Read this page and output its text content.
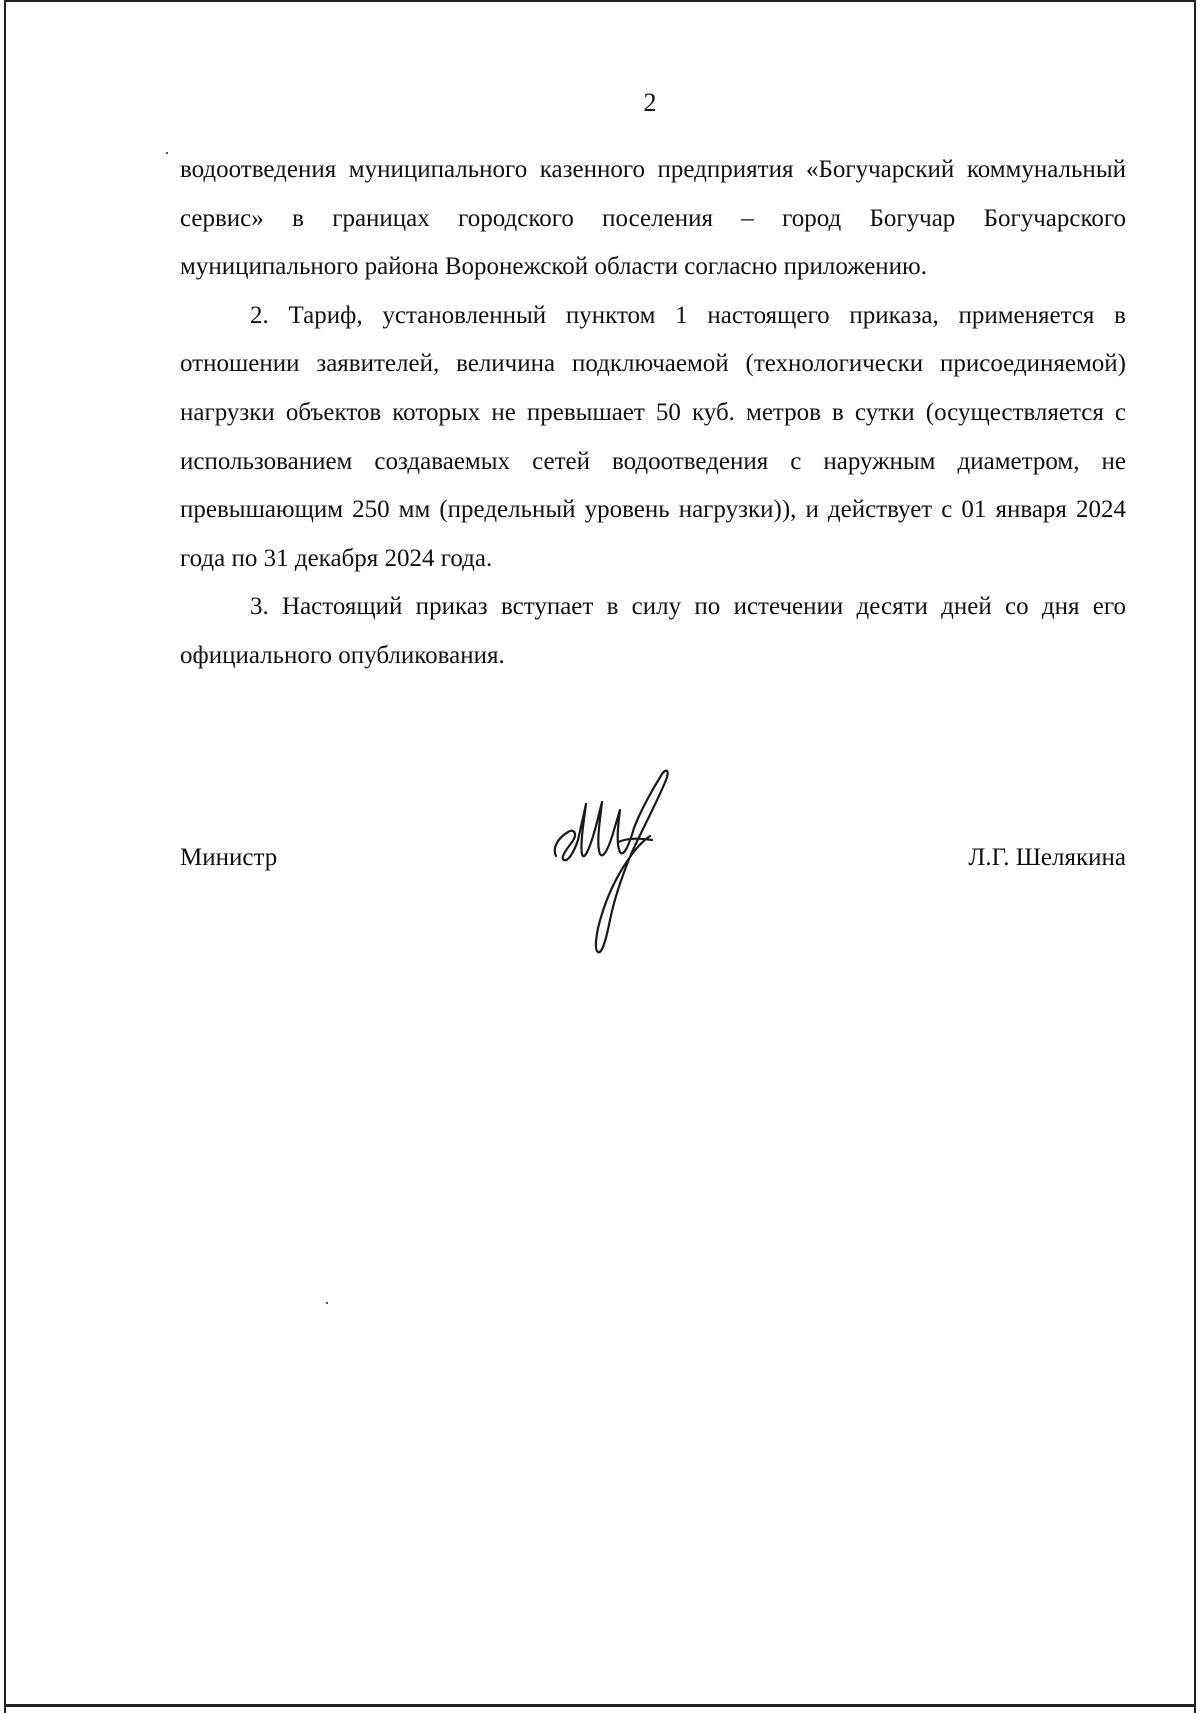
2

водоотведения муниципального казенного предприятия «Богучарский коммунальный сервис» в границах городского поселения – город Богучар Богучарского муниципального района Воронежской области согласно приложению.

2. Тариф, установленный пунктом 1 настоящего приказа, применяется в отношении заявителей, величина подключаемой (технологически присоединяемой) нагрузки объектов которых не превышает 50 куб. метров в сутки (осуществляется с использованием создаваемых сетей водоотведения с наружным диаметром, не превышающим 250 мм (предельный уровень нагрузки)), и действует с 01 января 2024 года по 31 декабря 2024 года.

3. Настоящий приказ вступает в силу по истечении десяти дней со дня его официального опубликования.

Министр	Л.Г. Шелякина
